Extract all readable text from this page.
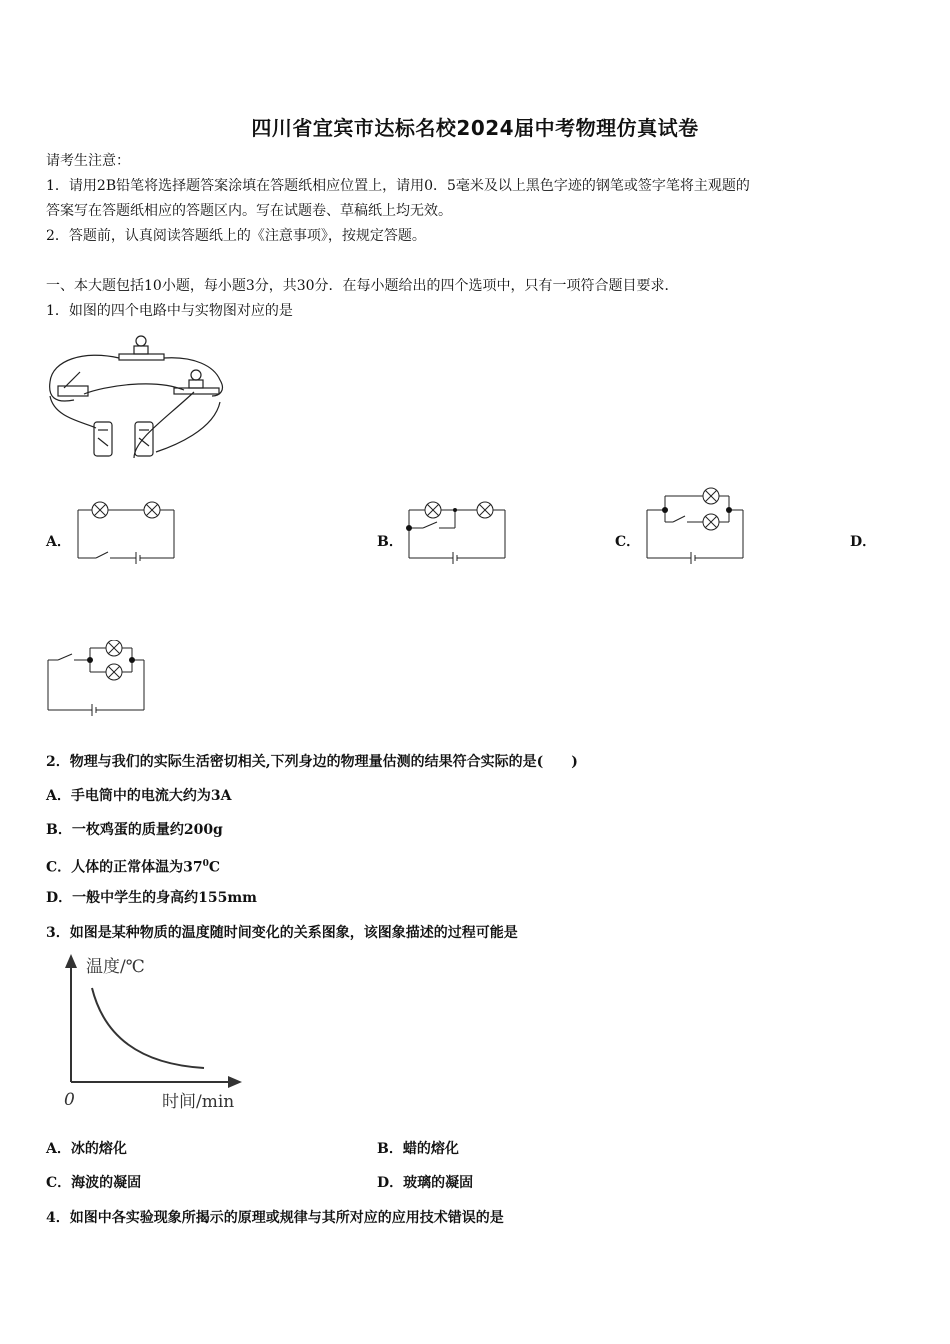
四川省宜宾市达标名校2024届中考物理仿真试卷
请考生注意：
1．请用2B铅笔将选择题答案涂填在答题纸相应位置上，请用0．5毫米及以上黑色字迹的钢笔或签字笔将主观题的
答案写在答题纸相应的答题区内。写在试题卷、草稿纸上均无效。
2．答题前，认真阅读答题纸上的《注意事项》，按规定答题。
一、本大题包括10小题，每小题3分，共30分．在每小题给出的四个选项中，只有一项符合题目要求．
1．如图的四个电路中与实物图对应的是
A．	B．	C．	D．
2．物理与我们的实际生活密切相关,下列身边的物理量估测的结果符合实际的是(　　)
A．手电筒中的电流大约为3A
B．一枚鸡蛋的质量约200g
C．人体的正常体温为$37^0C$
D．一般中学生的身高约155mm
3．如图是某种物质的温度随时间变化的关系图象，该图象描述的过程可能是
温度/℃
0	时间/min
A．冰的熔化	B．蜡的熔化
C．海波的凝固	D．玻璃的凝固
4．如图中各实验现象所揭示的原理或规律与其所对应的应用技术错误的是
